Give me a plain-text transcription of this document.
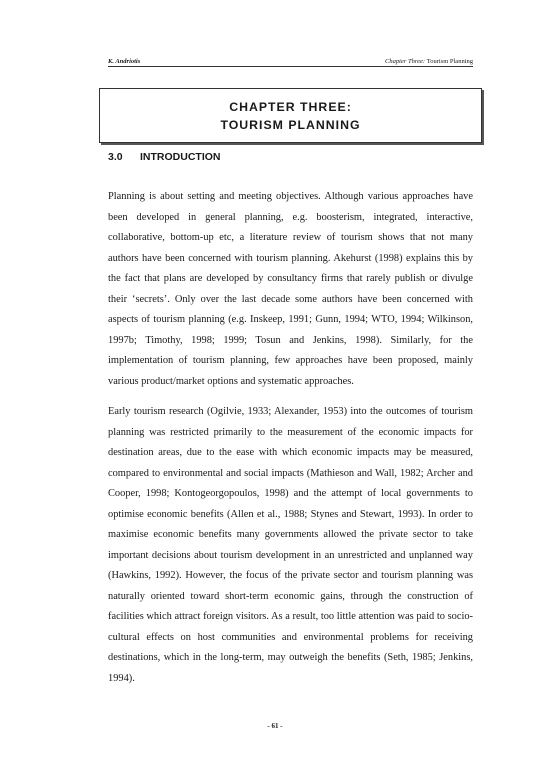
K. Andriotis	Chapter Three: Tourism Planning
CHAPTER THREE:
TOURISM PLANNING
3.0	INTRODUCTION

Planning is about setting and meeting objectives. Although various approaches have been developed in general planning, e.g. boosterism, integrated, interactive, collaborative, bottom-up etc, a literature review of tourism shows that not many authors have been concerned with tourism planning. Akehurst (1998) explains this by the fact that plans are developed by consultancy firms that rarely publish or divulge their ‘secrets’. Only over the last decade some authors have been concerned with aspects of tourism planning (e.g. Inskeep, 1991; Gunn, 1994; WTO, 1994; Wilkinson, 1997b; Timothy, 1998; 1999; Tosun and Jenkins, 1998). Similarly, for the implementation of tourism planning, few approaches have been proposed, mainly various product/market options and systematic approaches.

Early tourism research (Ogilvie, 1933; Alexander, 1953) into the outcomes of tourism planning was restricted primarily to the measurement of the economic impacts for destination areas, due to the ease with which economic impacts may be measured, compared to environmental and social impacts (Mathieson and Wall, 1982; Archer and Cooper, 1998; Kontogeorgopoulos, 1998) and the attempt of local governments to optimise economic benefits (Allen et al., 1988; Stynes and Stewart, 1993). In order to maximise economic benefits many governments allowed the private sector to take important decisions about tourism development in an unrestricted and unplanned way (Hawkins, 1992). However, the focus of the private sector and tourism planning was naturally oriented toward short-term economic gains, through the construction of facilities which attract foreign visitors. As a result, too little attention was paid to socio-cultural effects on host communities and environmental problems for receiving destinations, which in the long-term, may outweigh the benefits (Seth, 1985; Jenkins, 1994).

- 61 -
